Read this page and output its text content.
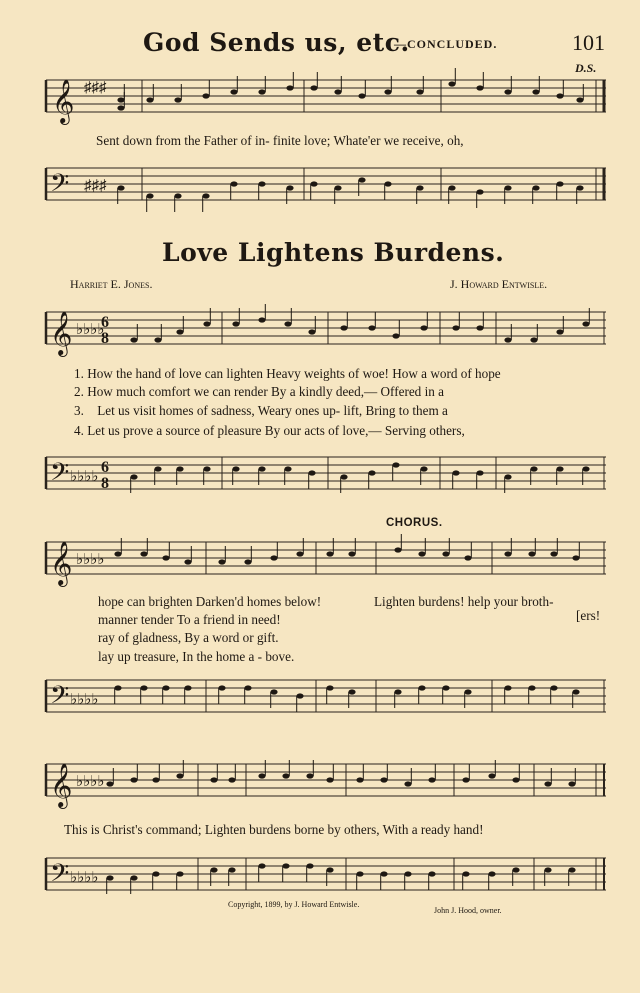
God Sends us, etc.
—CONCLUDED.	101
D.S.
𝄞 ♯♯♯
Sent down from the Father of in- finite love; Whate'er we receive, oh,
𝄢 ♯♯♯
Love Lightens Burdens.
Harriet E. Jones.	J. Howard Entwisle.
𝄞 ♭♭♭♭
6
8
1. How the hand of love can lighten Heavy weights of woe! How a word of hope
2. How much comfort we can render By a kindly deed,— Offered in a
3. Let us visit homes of sadness, Weary ones up- lift, Bring to them a
4. Let us prove a source of pleasure By our acts of love,— Serving others,
𝄢 ♭♭♭♭
6
8
CHORUS.
𝄞 ♭♭♭♭
hope can brighten Darken'd homes below!	Lighten burdens! help your broth-
manner tender To a friend in need!	[ers!
ray of gladness, By a word or gift.
lay up treasure, In the home a - bove.
𝄢 ♭♭♭♭
𝄞 ♭♭♭♭
This is Christ's command; Lighten burdens borne by others, With a ready hand!
𝄢 ♭♭♭♭
Copyright, 1899, by J. Howard Entwisle.
John J. Hood, owner.
